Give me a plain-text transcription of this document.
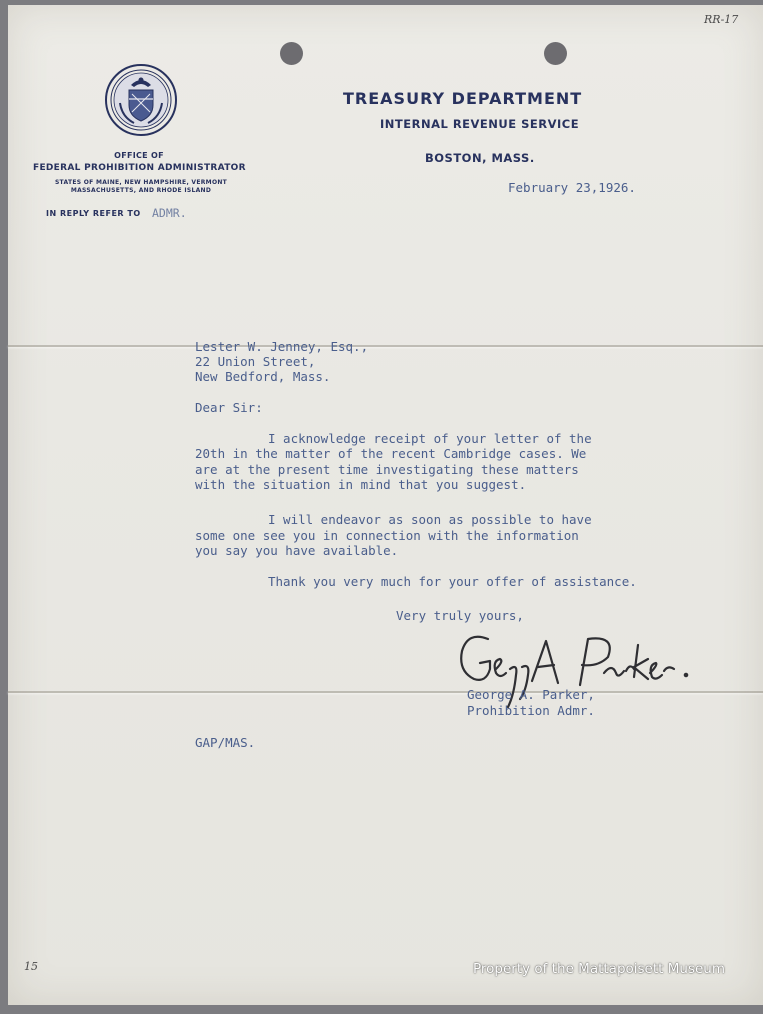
RR-17
OFFICE OF
FEDERAL PROHIBITION ADMINISTRATOR
STATES OF MAINE, NEW HAMPSHIRE, VERMONT
MASSACHUSETTS, AND RHODE ISLAND
IN REPLY REFER TO ADMR.
TREASURY DEPARTMENT
INTERNAL REVENUE SERVICE
BOSTON, MASS.
February 23,1926.
Lester W. Jenney, Esq.,
22 Union Street,
New Bedford, Mass.
Dear Sir:
I acknowledge receipt of your letter of the
20th in the matter of the recent Cambridge cases. We
are at the present time investigating these matters
with the situation in mind that you suggest.
I will endeavor as soon as possible to have
some one see you in connection with the information
you say you have available.
Thank you very much for your offer of assistance.
Very truly yours,
George A. Parker,
Prohibition Admr.
GAP/MAS.
15	Property of the Mattapoisett Museum
